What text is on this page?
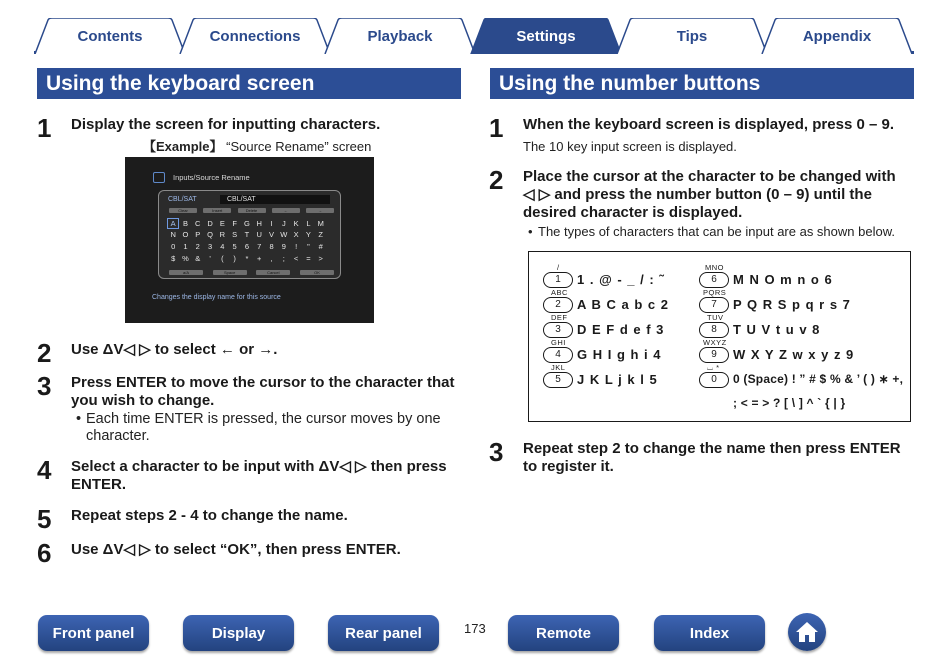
Contents	Connections	Playback	Settings	Tips	Appendix
Using the keyboard screen
1 Display the screen for inputting characters.
【Example】 “Source Rename” screen
Inputs/Source Rename
CBL/SAT	CBL/SAT
Clear	Insert	Delete	←	→
A B C D E F G H I J K L M
N O P Q R S T U V W X Y Z
0 1 2 3 4 5 6 7 8 9 ! " #
$ % & ' ( ) * + , ; < = >
a/A	Space	Cancel	OK
Changes the display name for this source
2 Use ΔV◁ ▷ to select ← or →.
3 Press ENTER to move the cursor to the character that you wish to change.
• Each time ENTER is pressed, the cursor moves by one character.
4 Select a character to be input with ΔV◁ ▷ then press ENTER.
5 Repeat steps 2 - 4 to change the name.
6 Use ΔV◁ ▷ to select “OK”, then press ENTER.
Using the number buttons
1 When the keyboard screen is displayed, press 0 – 9.
The 10 key input screen is displayed.
2 Place the cursor at the character to be changed with ◁ ▷ and press the number button (0 – 9) until the desired character is displayed.
• The types of characters that can be input are as shown below.
/
1	1 . @ - _ / : ˜
ABC
2	A B C a b c 2
DEF
3	D E F d e f 3
GHI
4	G H I g h i 4
JKL
5	J K L j k l 5
MNO
6	M N O m n o 6
PQRS
7	P Q R S p q r s 7
TUV
8	T U V t u v 8
WXYZ
9	W X Y Z w x y z 9
⌴ *
0	0 (Space) ! ” # $ % & ’ ( ) ∗ +,
; < = > ? [ \ ] ^ ` { | }
3 Repeat step 2 to change the name then press ENTER to register it.
Front panel	Display	Rear panel	173	Remote	Index
